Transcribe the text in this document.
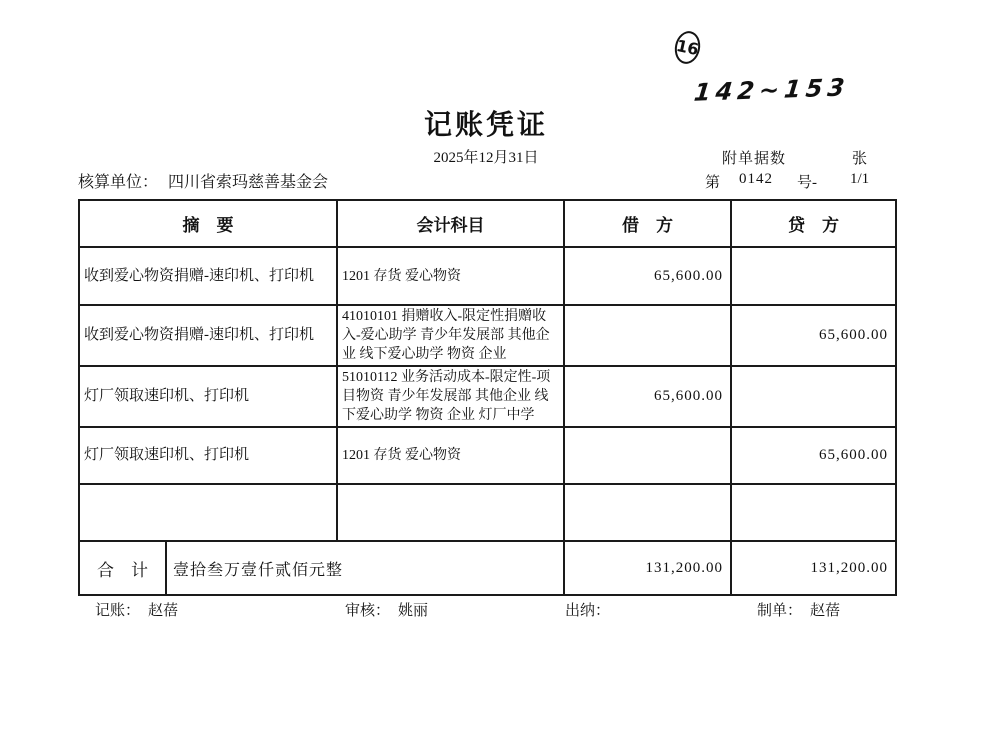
16
142~153
记账凭证
2025年12月31日	附单据数	张
第 0142 号- 1/1
核算单位： 四川省索玛慈善基金会
摘　要		会计科目	借　方	贷　方
收到爱心物资捐赠-速印机、打印机		1201 存货 爱心物资	65,600.00	
收到爱心物资捐赠-速印机、打印机		41010101 捐赠收入-限定性捐赠收入-爱心助学 青少年发展部 其他企业 线下爱心助学 物资 企业		65,600.00
灯厂领取速印机、打印机		51010112 业务活动成本-限定性-项目物资 青少年发展部 其他企业 线下爱心助学 物资 企业 灯厂中学	65,600.00	
灯厂领取速印机、打印机		1201 存货 爱心物资		65,600.00

合　计	壹拾叁万壹仟贰佰元整		131,200.00	131,200.00
记账： 赵蓓	审核： 姚丽	出纳：	制单： 赵蓓
